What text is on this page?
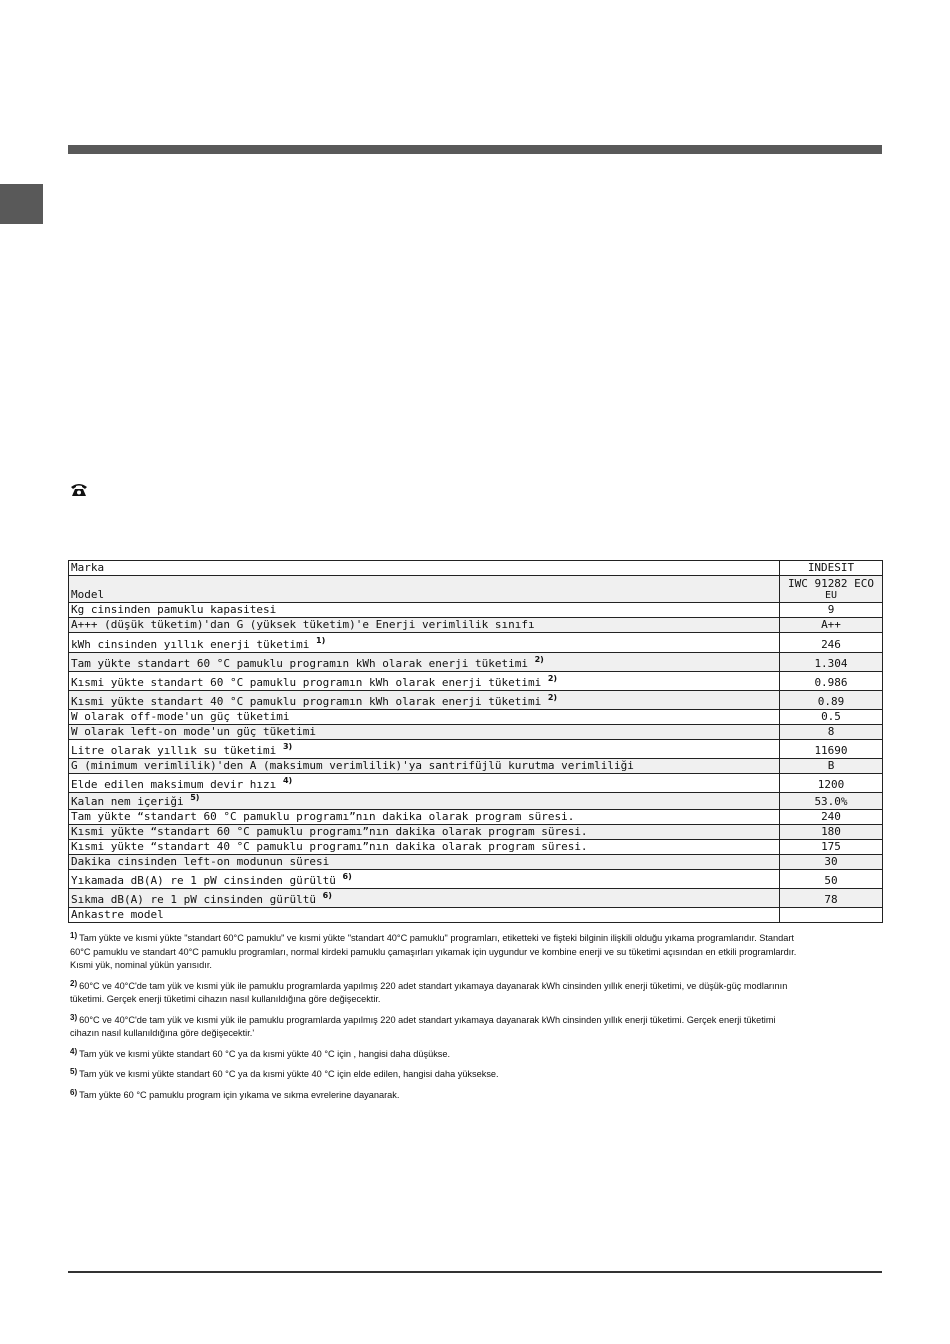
Marka	INDESIT

Model	IWC 91282 ECO
EU

Kg cinsinden pamuklu kapasitesi	9

A+++ (düşük tüketim)'dan G (yüksek tüketim)'e Enerji verimlilik sınıfı	A++

kWh cinsinden yıllık enerji tüketimi $^{1)}$	246

Tam yükte standart 60 °C pamuklu programın kWh olarak enerji tüketimi $^{2)}$	1.304

Kısmi yükte standart 60 °C pamuklu programın kWh olarak enerji tüketimi $^{2)}$	0.986

Kısmi yükte standart 40 °C pamuklu programın kWh olarak enerji tüketimi $^{2)}$	0.89

W olarak off-mode'un güç tüketimi	0.5

W olarak left-on mode'un güç tüketimi	8

Litre olarak yıllık su tüketimi $^{3)}$	11690

G (minimum verimlilik)'den A (maksimum verimlilik)'ya santrifüjlü kurutma verimliliği	B

Elde edilen maksimum devir hızı $^{4)}$	1200

Kalan nem içeriği $^{5)}$	53.0%

Tam yükte “standart 60 °C pamuklu programı”nın dakika olarak program süresi.	240

Kısmi yükte “standart 60 °C pamuklu programı”nın dakika olarak program süresi.	180

Kısmi yükte “standart 40 °C pamuklu programı”nın dakika olarak program süresi.	175

Dakika cinsinden left-on modunun süresi	30

Yıkamada dB(A) re 1 pW cinsinden gürültü $^{6)}$	50

Sıkma dB(A) re 1 pW cinsinden gürültü $^{6)}$	78

Ankastre model	

$^{1)}$ Tam yükte ve kısmi yükte "standart 60°C pamuklu" ve kısmi yükte "standart 40°C pamuklu" programları, etiketteki ve fişteki bilginin ilişkili olduğu yıkama programlarıdır. Standart
60°C pamuklu ve standart 40°C pamuklu programları, normal kirdeki pamuklu çamaşırları yıkamak için uygundur ve kombine enerji ve su tüketimi açısından en etkili programlardır.
Kısmi yük, nominal yükün yarısıdır.

$^{2)}$ 60°C ve 40°C'de tam yük ve kısmi yük ile pamuklu programlarda yapılmış 220 adet standart yıkamaya dayanarak kWh cinsinden yıllık enerji tüketimi, ve düşük-güç modlarının
tüketimi. Gerçek enerji tüketimi cihazın nasıl kullanıldığına göre değişecektir.

$^{3)}$ 60°C ve 40°C'de tam yük ve kısmi yük ile pamuklu programlarda yapılmış 220 adet standart yıkamaya dayanarak kWh cinsinden yıllık enerji tüketimi. Gerçek enerji tüketimi
cihazın nasıl kullanıldığına göre değişecektir.'

$^{4)}$ Tam yük ve kısmi yükte standart 60 °C ya da kısmi yükte 40 °C için , hangisi daha düşükse.

$^{5)}$ Tam yük ve kısmi yükte standart 60 °C ya da kısmi yükte 40 °C için elde edilen, hangisi daha yüksekse.

$^{6)}$ Tam yükte 60 °C pamuklu program için yıkama ve sıkma evrelerine dayanarak.
